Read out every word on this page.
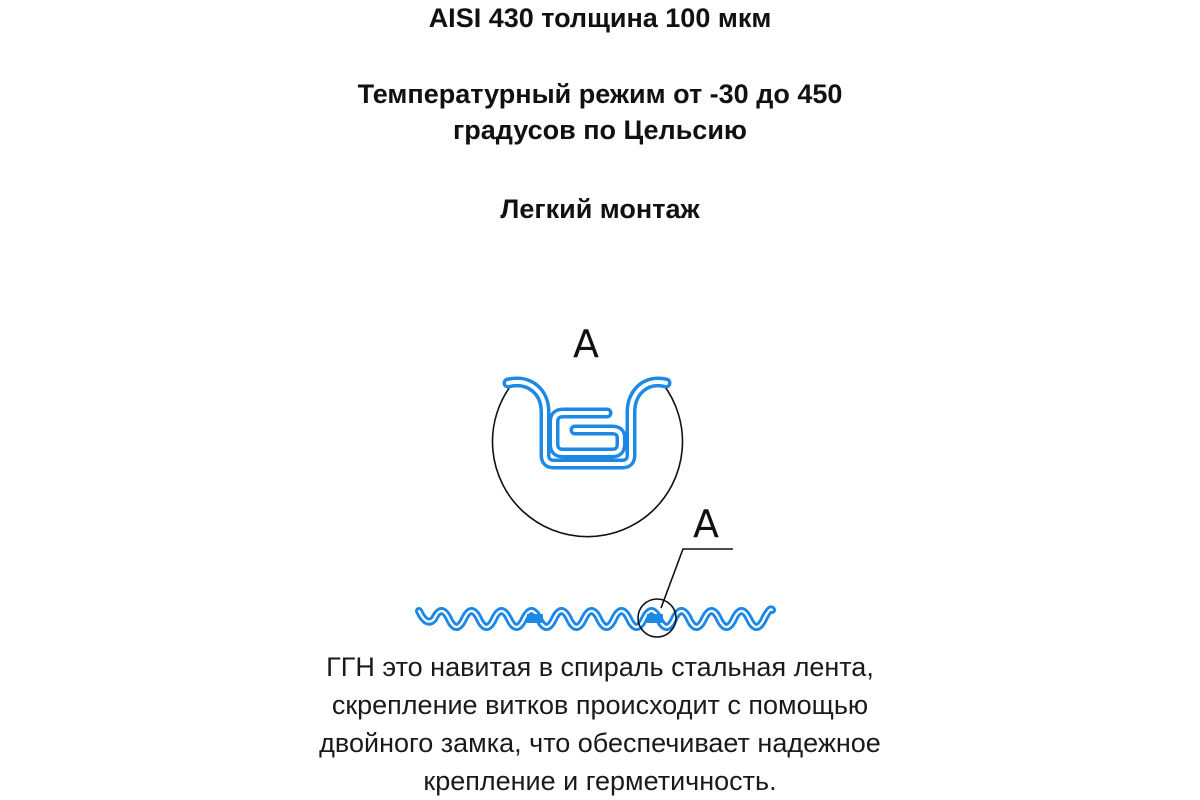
AISI 430 толщина 100 мкм

Температурный режим от -30 до 450
градусов по Цельсию

Легкий монтаж

A
A
ГГН это навитая в спираль стальная лента,
скрепление витков происходит с помощью
двойного замка, что обеспечивает надежное
крепление и герметичность.
